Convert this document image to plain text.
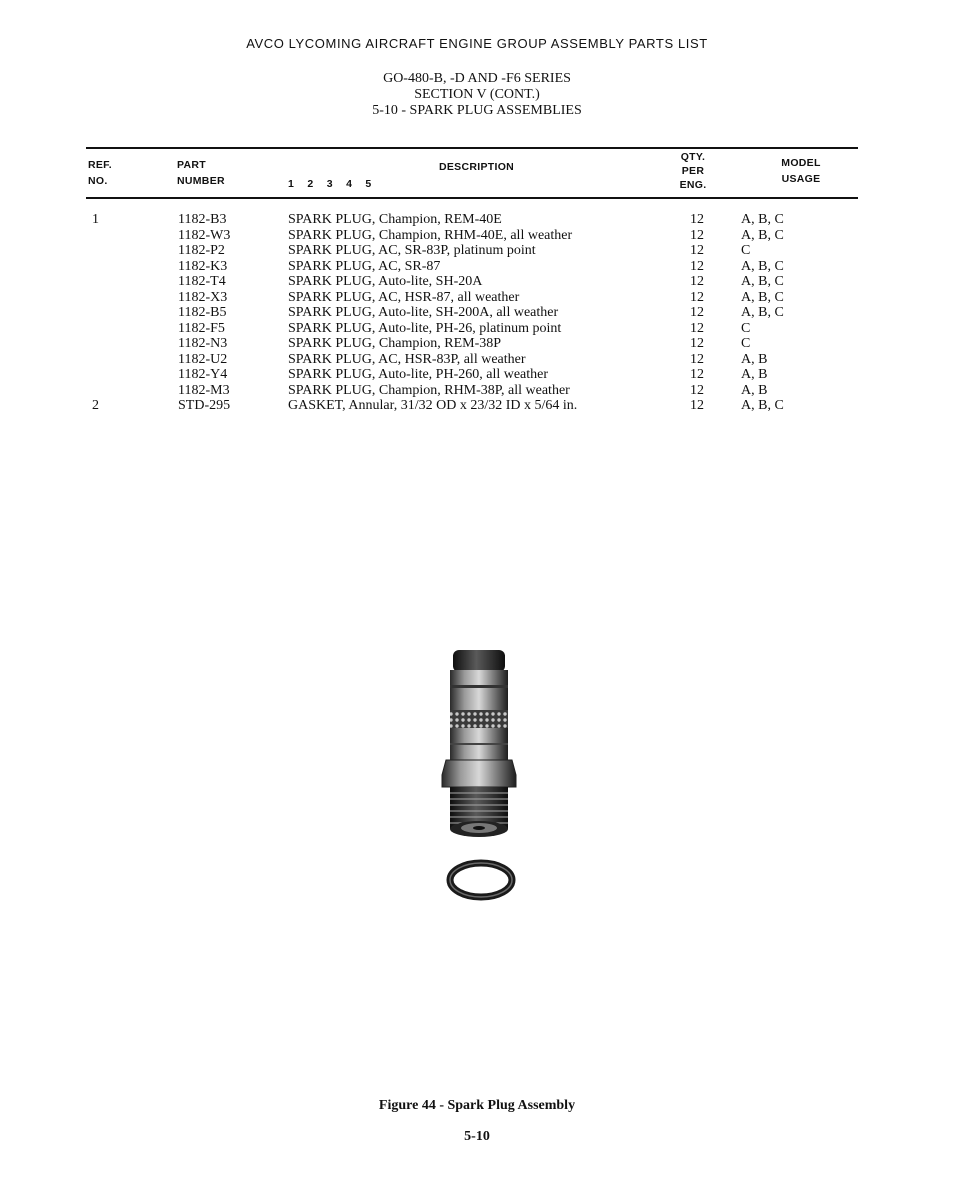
AVCO LYCOMING AIRCRAFT ENGINE GROUP ASSEMBLY PARTS LIST
GO-480-B, -D AND -F6 SERIES
SECTION V (CONT.)
5-10 - SPARK PLUG ASSEMBLIES
REF.
NO.
PART
NUMBER
DESCRIPTION
1 2 3 4 5
QTY.
PER
ENG.
MODEL
USAGE
1	1182-B3	SPARK PLUG, Champion, REM-40E	12	A, B, C
1182-W3	SPARK PLUG, Champion, RHM-40E, all weather	12	A, B, C
1182-P2	SPARK PLUG, AC, SR-83P, platinum point	12	C
1182-K3	SPARK PLUG, AC, SR-87	12	A, B, C
1182-T4	SPARK PLUG, Auto-lite, SH-20A	12	A, B, C
1182-X3	SPARK PLUG, AC, HSR-87, all weather	12	A, B, C
1182-B5	SPARK PLUG, Auto-lite, SH-200A, all weather	12	A, B, C
1182-F5	SPARK PLUG, Auto-lite, PH-26, platinum point	12	C
1182-N3	SPARK PLUG, Champion, REM-38P	12	C
1182-U2	SPARK PLUG, AC, HSR-83P, all weather	12	A, B
1182-Y4	SPARK PLUG, Auto-lite, PH-260, all weather	12	A, B
1182-M3	SPARK PLUG, Champion, RHM-38P, all weather	12	A, B
2	STD-295	GASKET, Annular, 31/32 OD x 23/32 ID x 5/64 in.	12	A, B, C
Figure 44 - Spark Plug Assembly
5-10
